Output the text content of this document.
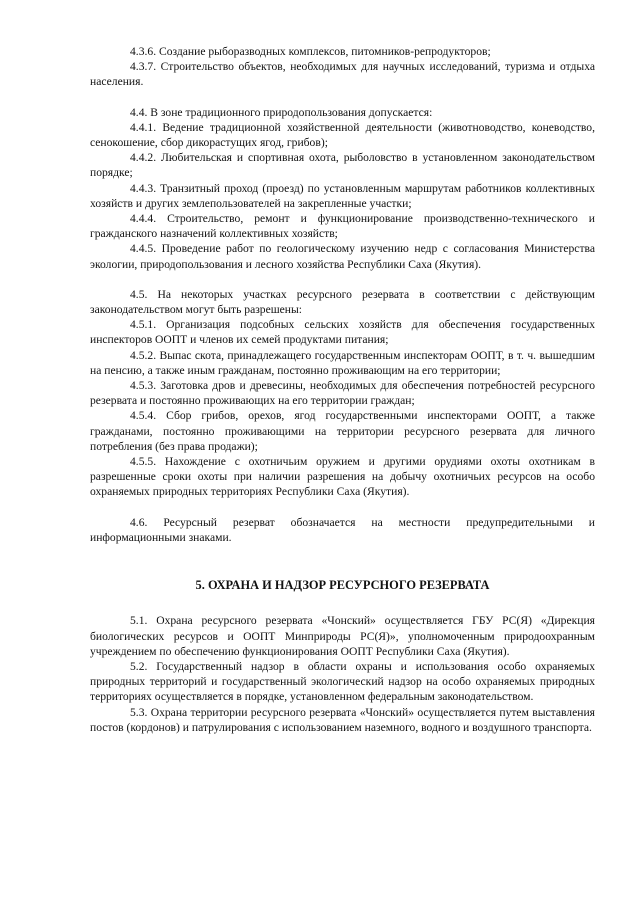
4.3.6. Создание рыборазводных комплексов, питомников-репродукторов;

4.3.7. Строительство объектов, необходимых для научных исследований, туризма и отдыха населения.

4.4. В зоне традиционного природопользования допускается:

4.4.1. Ведение традиционной хозяйственной деятельности (животноводство, коневодство, сенокошение, сбор дикорастущих ягод, грибов);

4.4.2. Любительская и спортивная охота, рыболовство в установленном законодательством порядке;

4.4.3. Транзитный проход (проезд) по установленным маршрутам работников коллективных хозяйств и других землепользователей на закрепленные участки;

4.4.4. Строительство, ремонт и функционирование производственно-технического и гражданского назначений коллективных хозяйств;

4.4.5. Проведение работ по геологическому изучению недр с согласования Министерства экологии, природопользования и лесного хозяйства Республики Саха (Якутия).

4.5. На некоторых участках ресурсного резервата в соответствии с действующим законодательством могут быть разрешены:

4.5.1. Организация подсобных сельских хозяйств для обеспечения государственных инспекторов ООПТ и членов их семей продуктами питания;

4.5.2. Выпас скота, принадлежащего государственным инспекторам ООПТ, в т. ч. вышедшим на пенсию, а также иным гражданам, постоянно проживающим на его территории;

4.5.3. Заготовка дров и древесины, необходимых для обеспечения потребностей ресурсного резервата и постоянно проживающих на его территории граждан;

4.5.4. Сбор грибов, орехов, ягод государственными инспекторами ООПТ, а также гражданами, постоянно проживающими на территории ресурсного резервата для личного потребления (без права продажи);

4.5.5. Нахождение с охотничьим оружием и другими орудиями охоты охотникам в разрешенные сроки охоты при наличии разрешения на добычу охотничьих ресурсов на особо охраняемых природных территориях Республики Саха (Якутия).

4.6. Ресурсный резерват обозначается на местности предупредительными и информационными знаками.

5. ОХРАНА И НАДЗОР РЕСУРСНОГО РЕЗЕРВАТА

5.1. Охрана ресурсного резервата «Чонский» осуществляется ГБУ РС(Я) «Дирекция биологических ресурсов и ООПТ Минприроды РС(Я)», уполномоченным природоохранным учреждением по обеспечению функционирования ООПТ Республики Саха (Якутия).

5.2. Государственный надзор в области охраны и использования особо охраняемых природных территорий и государственный экологический надзор на особо охраняемых природных территориях осуществляется в порядке, установленном федеральным законодательством.

5.3. Охрана территории ресурсного резервата «Чонский» осуществляется путем выставления постов (кордонов) и патрулирования с использованием наземного, водного и воздушного транспорта.
